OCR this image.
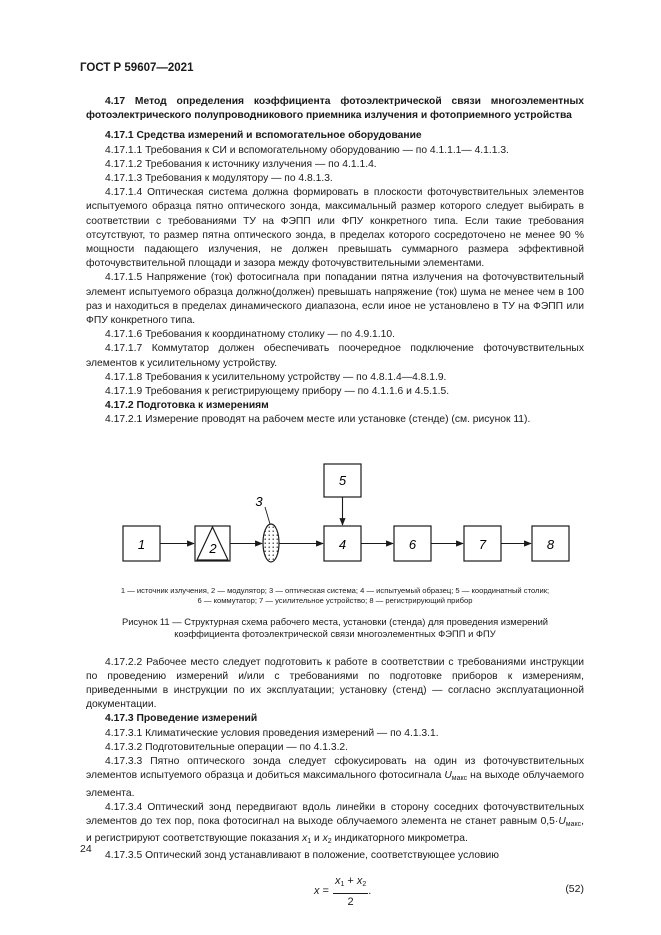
ГОСТ Р 59607—2021

4.17 Метод определения коэффициента фотоэлектрической связи многоэлементных фотоэлектрического полупроводникового приемника излучения и фотоприемного устройства

4.17.1 Средства измерений и вспомогательное оборудование

4.17.1.1 Требования к СИ и вспомогательному оборудованию — по 4.1.1.1— 4.1.1.3.

4.17.1.2 Требования к источнику излучения — по 4.1.1.4.

4.17.1.3 Требования к модулятору — по 4.8.1.3.

4.17.1.4 Оптическая система должна формировать в плоскости фоточувствительных элементов испытуемого образца пятно оптического зонда, максимальный размер которого следует выбирать в соответствии с требованиями ТУ на ФЭПП или ФПУ конкретного типа. Если такие требования отсутствуют, то размер пятна оптического зонда, в пределах которого сосредоточено не менее 90 % мощности падающего излучения, не должен превышать суммарного размера эффективной фоточувствительной площади и зазора между фоточувствительными элементами.

4.17.1.5 Напряжение (ток) фотосигнала при попадании пятна излучения на фоточувствительный элемент испытуемого образца должно(должен) превышать напряжение (ток) шума не менее чем в 100 раз и находиться в пределах динамического диапазона, если иное не установлено в ТУ на ФЭПП или ФПУ конкретного типа.

4.17.1.6 Требования к координатному столику — по 4.9.1.10.

4.17.1.7 Коммутатор должен обеспечивать поочередное подключение фоточувствительных элементов к усилительному устройству.

4.17.1.8 Требования к усилительному устройству — по 4.8.1.4—4.8.1.9.

4.17.1.9 Требования к регистрирующему прибору — по 4.1.1.6 и 4.5.1.5.

4.17.2 Подготовка к измерениям

4.17.2.1 Измерение проводят на рабочем месте или установке (стенде) (см. рисунок 11).

1	2
3
4
5
6	7	8
1 — источник излучения, 2 — модулятор; 3 — оптическая система; 4 — испытуемый образец; 5 — координатный столик;
6 — коммутатор; 7 — усилительное устройство; 8 — регистрирующий прибор
Рисунок 11 — Структурная схема рабочего места, установки (стенда) для проведения измерений коэффициента фотоэлектрической связи многоэлементных ФЭПП и ФПУ

4.17.2.2 Рабочее место следует подготовить к работе в соответствии с требованиями инструкции по проведению измерений и/или с требованиями по подготовке приборов к измерениям, приведенными в инструкции по их эксплуатации; установку (стенд) — согласно эксплуатационной документации.

4.17.3 Проведение измерений

4.17.3.1 Климатические условия проведения измерений — по 4.1.3.1.

4.17.3.2 Подготовительные операции — по 4.1.3.2.

4.17.3.3 Пятно оптического зонда следует сфокусировать на один из фоточувствительных элементов испытуемого образца и добиться максимального фотосигнала $U_{макс}$ на выходе облучаемого элемента.

4.17.3.4 Оптический зонд передвигают вдоль линейки в сторону соседних фоточувствительных элементов до тех пор, пока фотосигнал на выходе облучаемого элемента не станет равным $0,5\cdot U_{макс}$, и регистрируют соответствующие показания $x_1$ и $x_2$ индикаторного микрометра.

4.17.3.5 Оптический зонд устанавливают в положение, соответствующее условию

$x = \frac{x_1 + x_2}{2}$ .	(52)
24
